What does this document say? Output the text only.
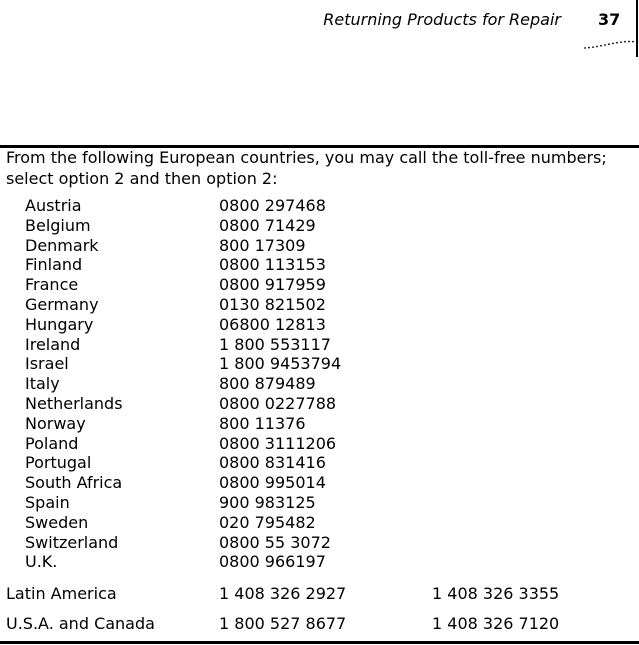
Returning Products for Repair 37
From the following European countries, you may call the toll-free numbers; select option 2 and then option 2:
Austria	0800 297468
Belgium	0800 71429
Denmark	800 17309
Finland	0800 113153
France	0800 917959
Germany	0130 821502
Hungary	06800 12813
Ireland	1 800 553117
Israel	1 800 9453794
Italy	800 879489
Netherlands	0800 0227788
Norway	800 11376
Poland	0800 3111206
Portugal	0800 831416
South Africa	0800 995014
Spain	900 983125
Sweden	020 795482
Switzerland	0800 55 3072
U.K.	0800 966197
Latin America	1 408 326 2927	1 408 326 3355
U.S.A. and Canada	1 800 527 8677	1 408 326 7120
